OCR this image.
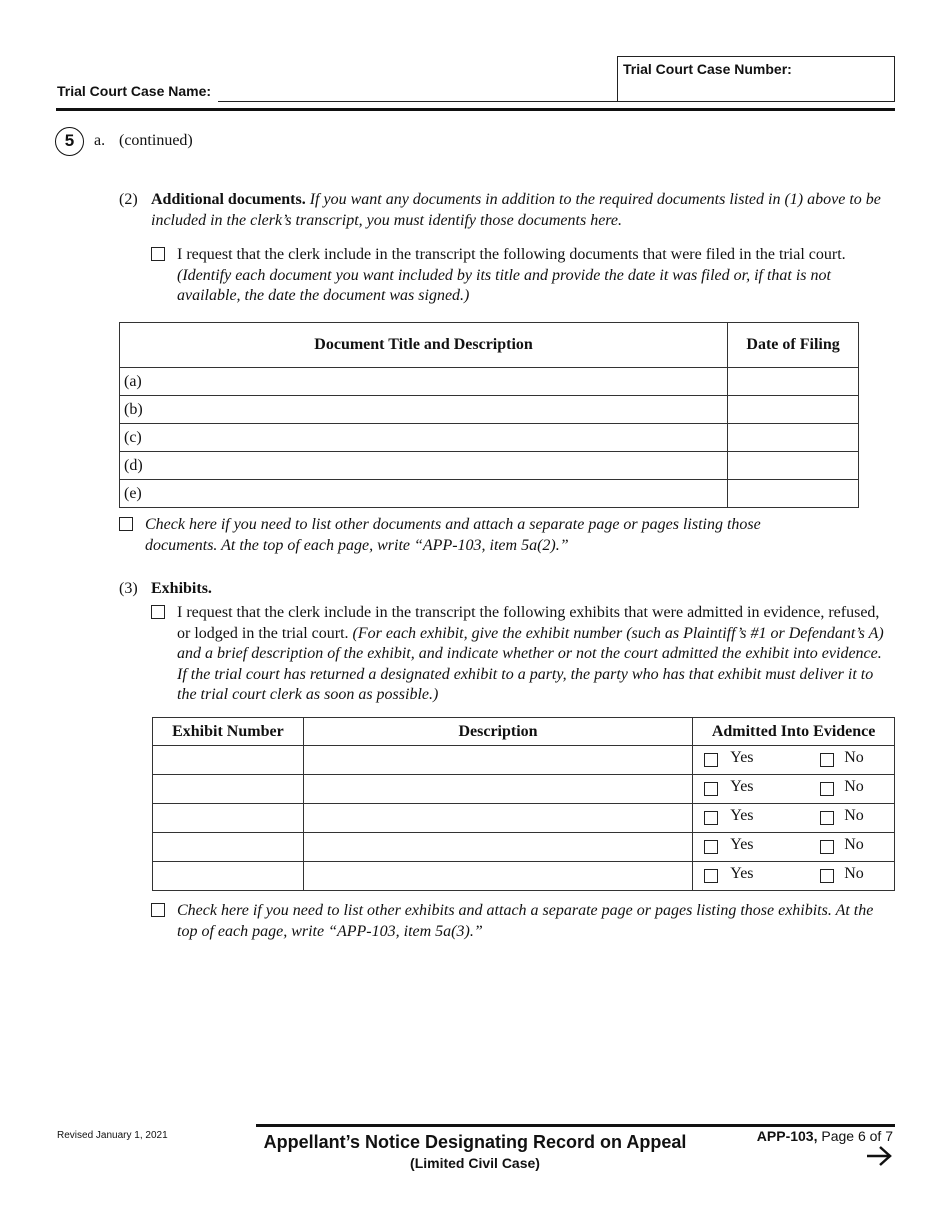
Trial Court Case Number:
Trial Court Case Name:
5	a. (continued)
(2) Additional documents. If you want any documents in addition to the required documents listed in (1) above to be included in the clerk’s transcript, you must identify those documents here.
I request that the clerk include in the transcript the following documents that were filed in the trial court. (Identify each document you want included by its title and provide the date it was filed or, if that is not available, the date the document was signed.)
Document Title and Description	Date of Filing
(a)	
(b)	
(c)	
(d)	
(e)	
Check here if you need to list other documents and attach a separate page or pages listing those documents. At the top of each page, write “APP-103, item 5a(2).”
(3) Exhibits.
I request that the clerk include in the transcript the following exhibits that were admitted in evidence, refused, or lodged in the trial court. (For each exhibit, give the exhibit number (such as Plaintiff’s #1 or Defendant’s A) and a brief description of the exhibit, and indicate whether or not the court admitted the exhibit into evidence. If the trial court has returned a designated exhibit to a party, the party who has that exhibit must deliver it to the trial court clerk as soon as possible.)
Exhibit Number	Description	Admitted Into Evidence

		Yes No

		Yes No

		Yes No

		Yes No

		Yes No
Check here if you need to list other exhibits and attach a separate page or pages listing those exhibits. At the top of each page, write “APP-103, item 5a(3).”
Revised January 1, 2021	Appellant’s Notice Designating Record on Appeal
(Limited Civil Case)
APP-103, Page 6 of 7
